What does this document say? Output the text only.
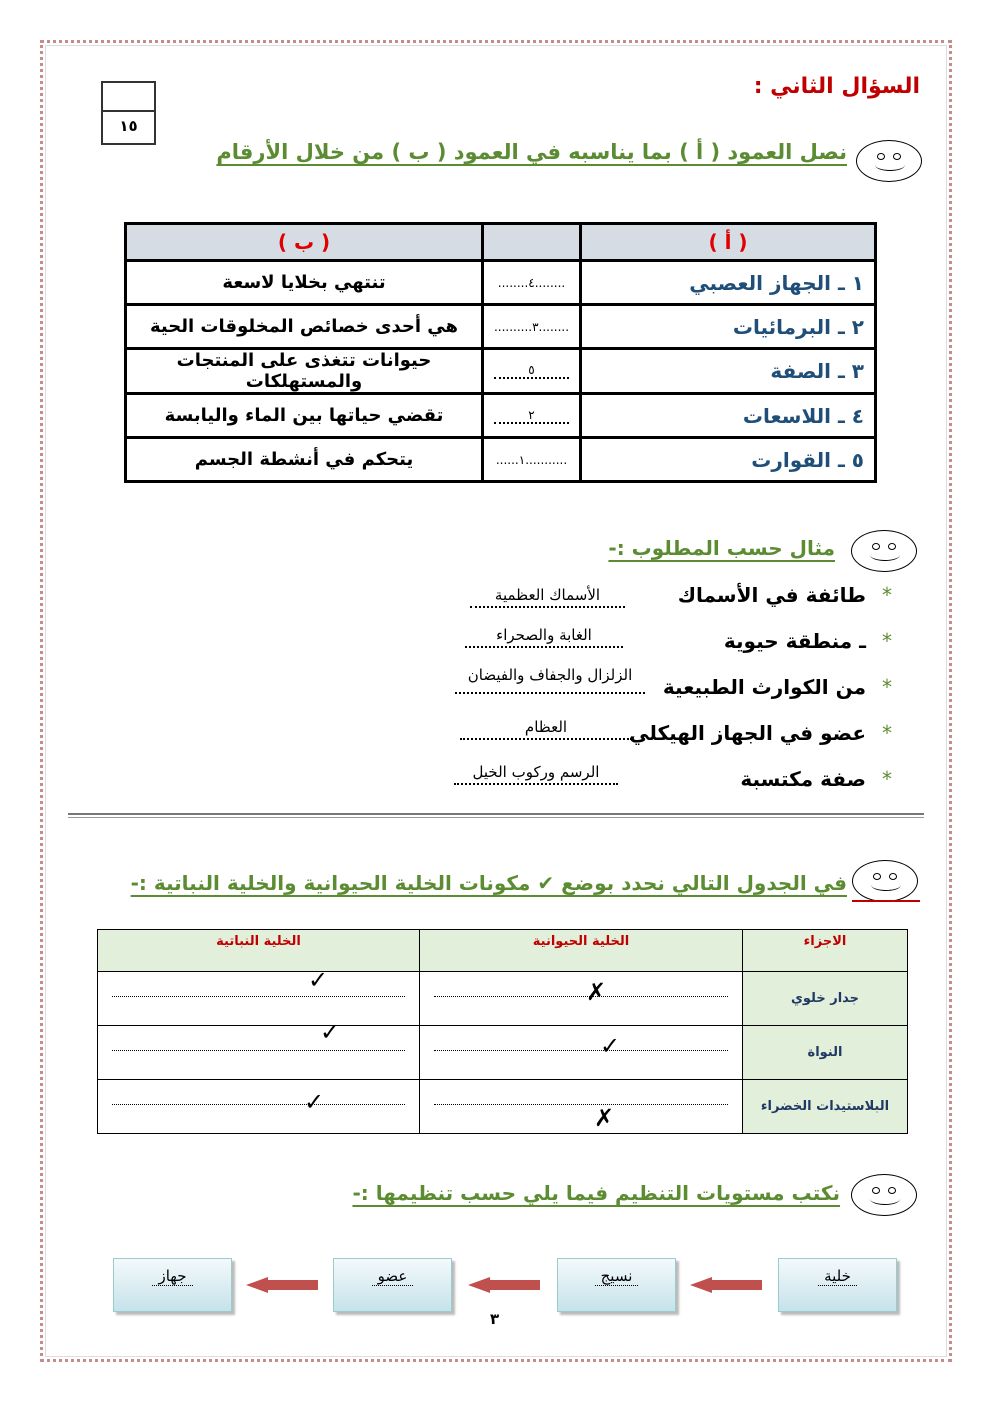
السؤال الثاني :
١٥
نصل العمود ( أ ) بما يناسبه في العمود ( ب ) من خلال الأرقام
( أ )		( ب )
١ ـ الجهاز العصبي	........٤........	تنتهي بخلايا لاسعة
٢ ـ البرمائيات	........٣..........	هي أحدى خصائص المخلوقات الحية
٣ ـ الصفة	٥	حيوانات تتغذى على المنتجات والمستهلكات
٤ ـ اللاسعات	٢	تقضي حياتها بين الماء واليابسة
٥ ـ القوارت	...........١......	يتحكم في أنشطة الجسم
مثال حسب المطلوب :-
*طائفة في الأسماك
الأسماك العظمية
*ـ منطقة حيوية
الغابة والصحراء
*من الكوارث الطبيعية
الزلزال والجفاف والفيضان
*عضو في الجهاز الهيكلي
العظام
*صفة مكتسبة
الرسم وركوب الخيل
في الجدول التالي نحدد بوضع ✔ مكونات الخلية الحيوانية والخلية النباتية :-
الاجزاء	الخلية الحيوانية	الخلية النباتية
جدار خلوي	✗	✓

النواة	✓	✓

البلاستيدات الخضراء	✗	✓
نكتب مستويات التنظيم فيما يلي حسب تنظيمها :-
خلية
نسيج
عضو
جهاز
٣
